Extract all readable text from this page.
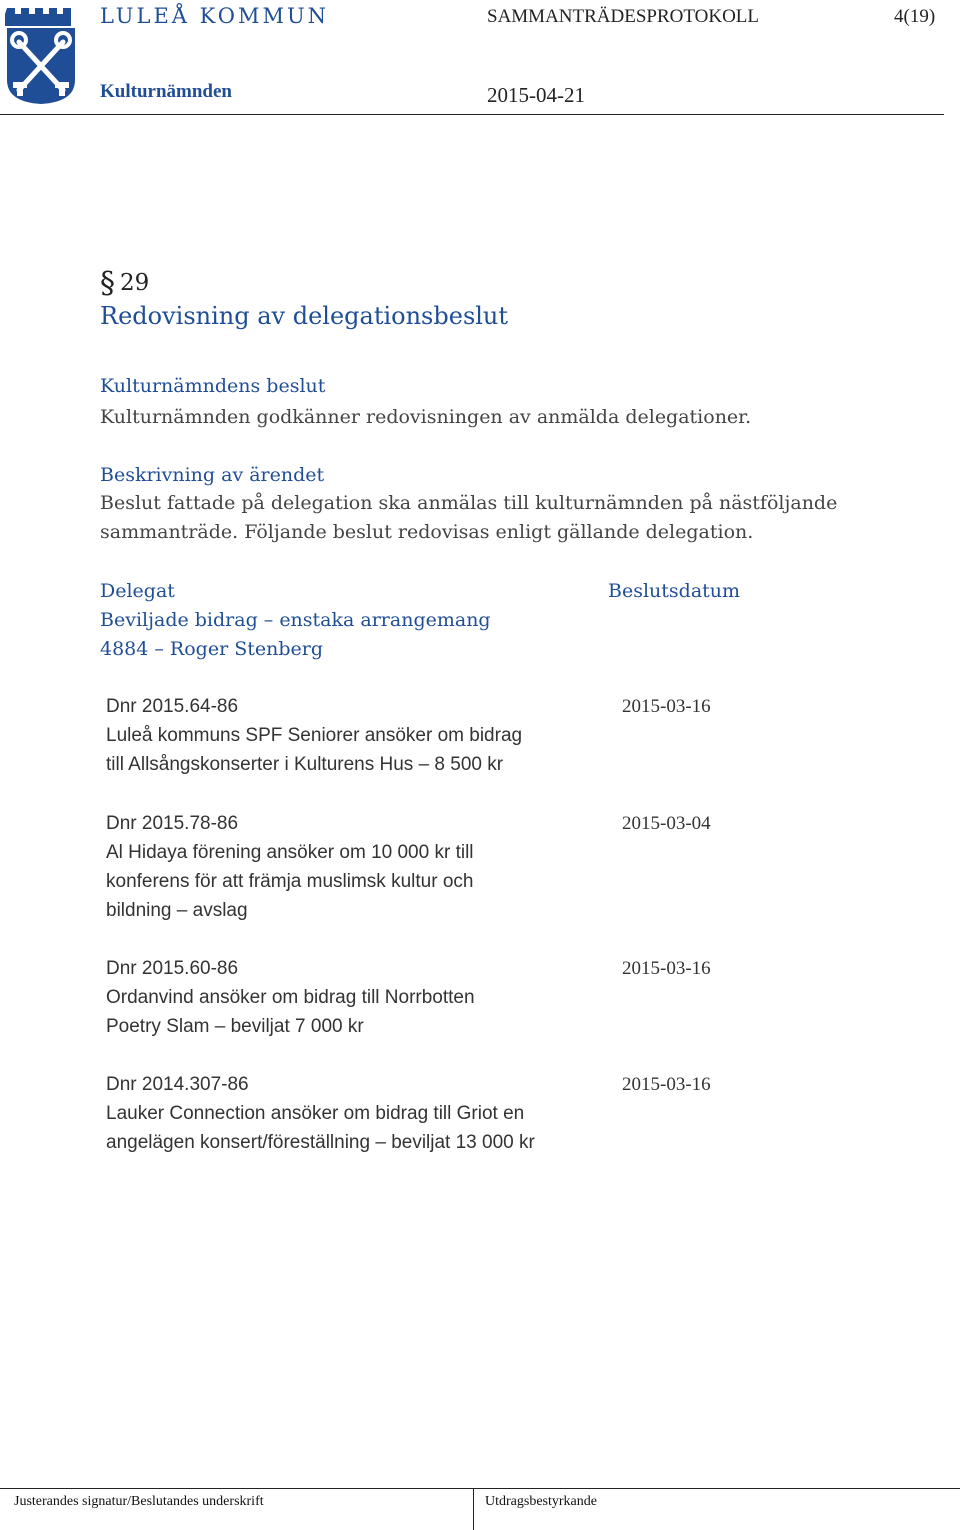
LULEÅ KOMMUN	SAMMANTRÄDESPROTOKOLL	4(19)
Kulturnämnden	2015-04-21
§ 29
Redovisning av delegationsbeslut
Kulturnämndens beslut
Kulturnämnden godkänner redovisningen av anmälda delegationer.
Beskrivning av ärendet
Beslut fattade på delegation ska anmälas till kulturnämnden på nästföljande
sammanträde. Följande beslut redovisas enligt gällande delegation.
Delegat	Beslutsdatum
Beviljade bidrag – enstaka arrangemang
4884 – Roger Stenberg
Dnr 2015.64-86	2015-03-16
Luleå kommuns SPF Seniorer ansöker om bidrag
till Allsångskonserter i Kulturens Hus – 8 500 kr
Dnr 2015.78-86	2015-03-04
Al Hidaya förening ansöker om 10 000 kr till
konferens för att främja muslimsk kultur och
bildning – avslag
Dnr 2015.60-86	2015-03-16
Ordanvind ansöker om bidrag till Norrbotten
Poetry Slam – beviljat 7 000 kr
Dnr 2014.307-86	2015-03-16
Lauker Connection ansöker om bidrag till Griot en
angelägen konsert/föreställning – beviljat 13 000 kr
Justerandes signatur/Beslutandes underskrift	Utdragsbestyrkande
